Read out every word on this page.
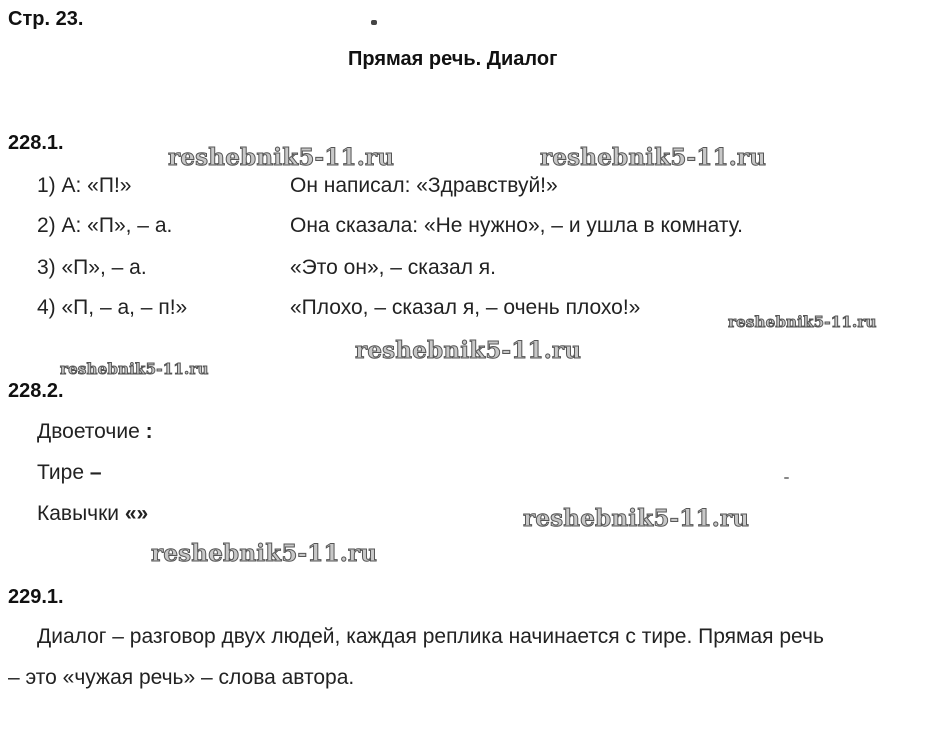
Стр. 23.
Прямая речь. Диалог
228.1.
1) А: «П!»	Он написал: «Здравствуй!»
2) А: «П», – а.	Она сказала: «Не нужно», – и ушла в комнату.
3) «П», – а.	«Это он», – сказал я.
4) «П, – а, – п!»	«Плохо, – сказал я, – очень плохо!»
228.2.
Двоеточие :
Тире –
Кавычки «»
229.1.
Диалог – разговор двух людей, каждая реплика начинается с тире. Прямая речь
– это «чужая речь» – слова автора.
reshebnik5-11.ru	reshebnik5-11.ru
reshebnik5-11.ru
reshebnik5-11.ru
reshebnik5-11.ru
reshebnik5-11.ru
reshebnik5-11.ru
